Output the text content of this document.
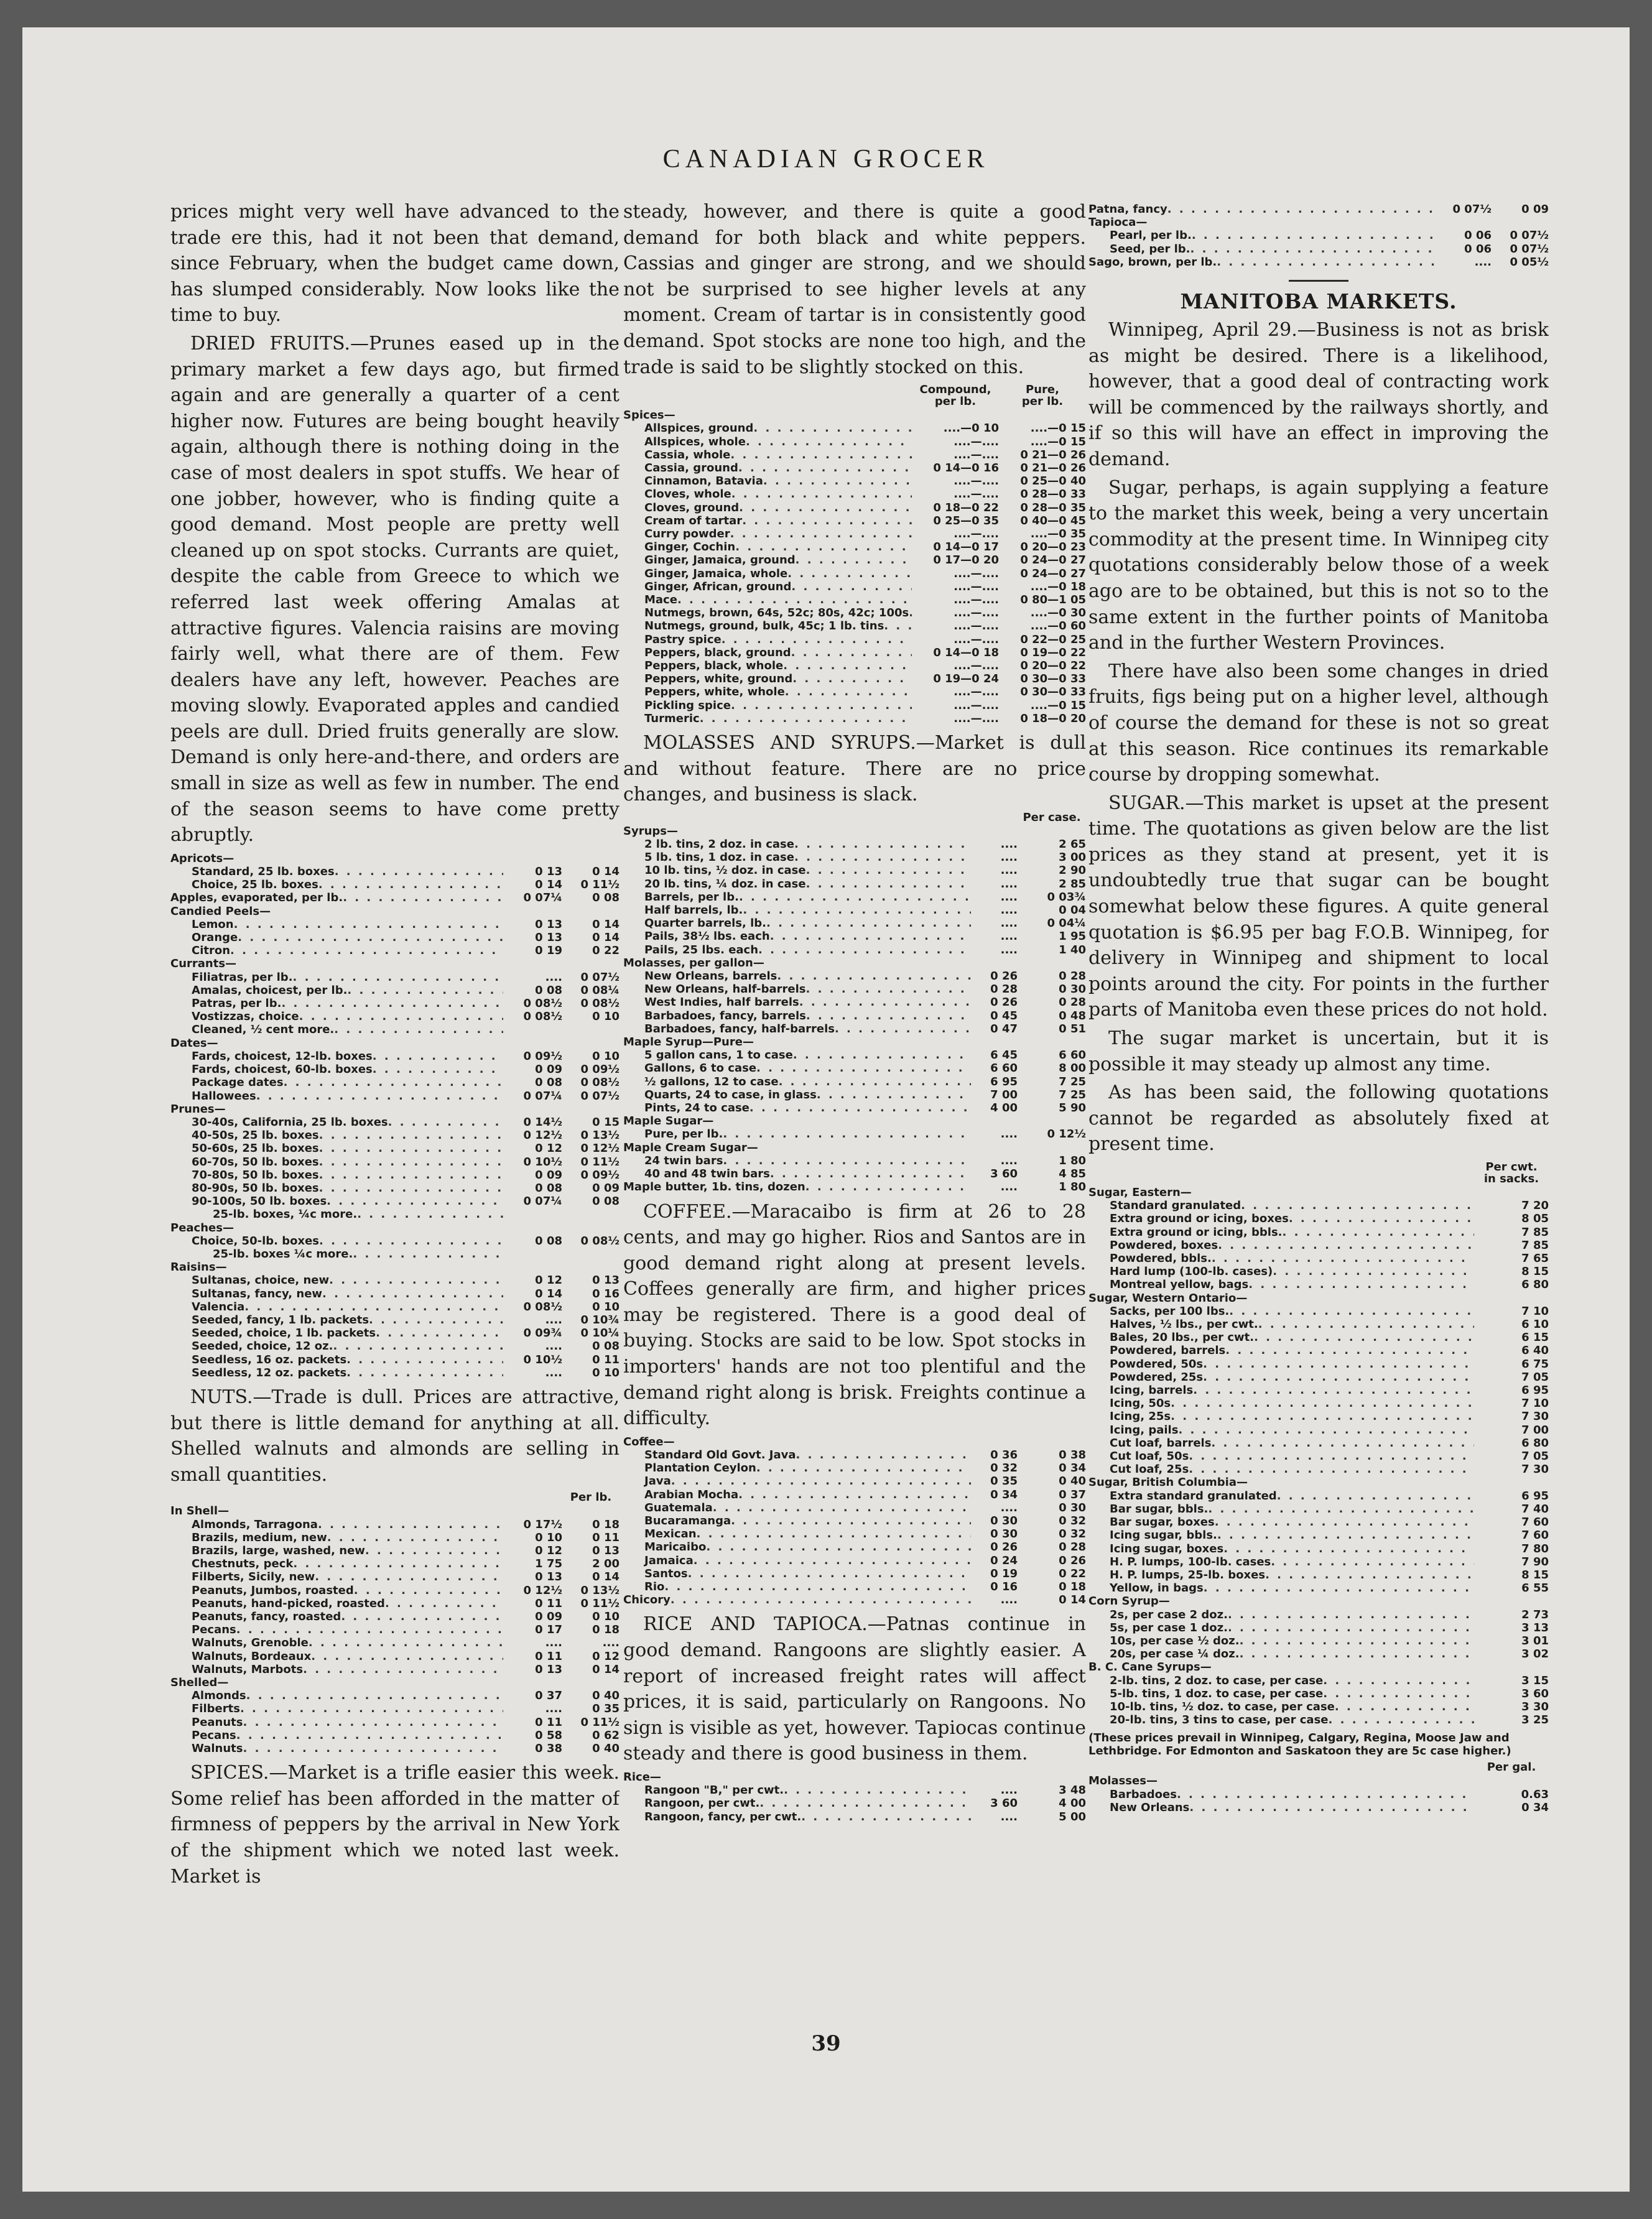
CANADIAN GROCER

prices might very well have advanced to the trade ere this, had it not been that demand, since February, when the budget came down, has slumped considerably. Now looks like the time to buy.

DRIED FRUITS.—Prunes eased up in the primary market a few days ago, but firmed again and are generally a quarter of a cent higher now. Futures are being bought heavily again, although there is nothing doing in the case of most dealers in spot stuffs. We hear of one jobber, however, who is finding quite a good demand. Most people are pretty well cleaned up on spot stocks. Currants are quiet, despite the cable from Greece to which we referred last week offering Amalas at attractive figures. Valencia raisins are moving fairly well, what there are of them. Few dealers have any left, however. Peaches are moving slowly. Evaporated apples and candied peels are dull. Dried fruits generally are slow. Demand is only here-and-there, and orders are small in size as well as few in number. The end of the season seems to have come pretty abruptly.

Apricots—
Standard, 25 lb. boxes . . .	0 13	0 14
Choice, 25 lb. boxes . . .	0 14	0 11½
Apples, evaporated, per lb. . . .	0 07¼	0 08
Candied Peels—
Lemon . . .	0 13	0 14
Orange . . .	0 13	0 14
Citron . . .	0 19	0 22
Currants—
Filiatras, per lb. . . .	....	0 07½
Amalas, choicest, per lb. . . .	0 08	0 08¼
Patras, per lb. . . .	0 08½	0 08½
Vostizzas, choice . . .	0 08½	0 10
Cleaned, ½ cent more.
. . .
Dates—
Fards, choicest, 12-lb. boxes . . .	0 09½	0 10
Fards, choicest, 60-lb. boxes . . .	0 09	0 09½
Package dates . . .	0 08	0 08½
Hallowees . . .	0 07¼	0 07½
Prunes—
30-40s, California, 25 lb. boxes . . .	0 14½	0 15
40-50s, 25 lb. boxes . . .	0 12½	0 13½
50-60s, 25 lb. boxes . . .	0 12	0 12½
60-70s, 50 lb. boxes . . .	0 10½	0 11½
70-80s, 50 lb. boxes . . .	0 09	0 09½
80-90s, 50 lb. boxes . . .	0 08	0 09
90-100s, 50 lb. boxes . . .	0 07¼	0 08
25-lb. boxes, ¼c more.
. . .
Peaches—
Choice, 50-lb. boxes . . .	0 08	0 08½
25-lb. boxes ¼c more.
. . .
Raisins—
Sultanas, choice, new . . .	0 12	0 13
Sultanas, fancy, new . . .	0 14	0 16
Valencia . . .	0 08½	0 10
Seeded, fancy, 1 lb. packets . . .	....	0 10¾
Seeded, choice, 1 lb. packets . . .	0 09¾	0 10¼
Seeded, choice, 12 oz. . . .	....	0 08
Seedless, 16 oz. packets . . .	0 10½	0 11
Seedless, 12 oz. packets . . .	....	0 10

NUTS.—Trade is dull. Prices are attractive, but there is little demand for anything at all. Shelled walnuts and almonds are selling in small quantities.

Per lb.
In Shell—
Almonds, Tarragona . . .	0 17½	0 18
Brazils, medium, new . . .	0 10	0 11
Brazils, large, washed, new . . .	0 12	0 13
Chestnuts, peck . . .	1 75	2 00
Filberts, Sicily, new . . .	0 13	0 14
Peanuts, Jumbos, roasted . . .	0 12½	0 13½
Peanuts, hand-picked, roasted . . .	0 11	0 11½
Peanuts, fancy, roasted . . .	0 09	0 10
Pecans . . .	0 17	0 18
Walnuts, Grenoble . . .	....	....
Walnuts, Bordeaux . . .	0 11	0 12
Walnuts, Marbots . . .	0 13	0 14
Shelled—
Almonds . . .	0 37	0 40
Filberts . . .	....	0 35
Peanuts . . .	0 11	0 11½
Pecans . . .	0 58	0 62
Walnuts . . .	0 38	0 40

SPICES.—Market is a trifle easier this week. Some relief has been afforded in the matter of firmness of peppers by the arrival in New York of the shipment which we noted last week. Market is

steady, however, and there is quite a good demand for both black and white peppers. Cassias and ginger are strong, and we should not be surprised to see higher levels at any moment. Cream of tartar is in consistently good demand. Spot stocks are none too high, and the trade is said to be slightly stocked on this.

Compound,
per lb.
Pure,
per lb.
Spices—
Allspices, ground . . .	....—0 10	....—0 15
Allspices, whole . . .	....—....	....—0 15
Cassia, whole . . .	....—....	0 21—0 26
Cassia, ground . . .	0 14—0 16	0 21—0 26
Cinnamon, Batavia . . .	....—....	0 25—0 40
Cloves, whole . . .	....—....	0 28—0 33
Cloves, ground . . .	0 18—0 22	0 28—0 35
Cream of tartar . . .	0 25—0 35	0 40—0 45
Curry powder . . .	....—....	....—0 35
Ginger, Cochin . . .	0 14—0 17	0 20—0 23
Ginger, Jamaica, ground . . .	0 17—0 20	0 24—0 27
Ginger, Jamaica, whole . . .	....—....	0 24—0 27
Ginger, African, ground . . .	....—....	....—0 18
Mace . . .	....—....	0 80—1 05
Nutmegs, brown, 64s, 52c; 80s, 42c; 100s . . .	....—....	....—0 30
Nutmegs, ground, bulk, 45c; 1 lb. tins . . .	....—....	....—0 60
Pastry spice . . .	....—....	0 22—0 25
Peppers, black, ground . . .	0 14—0 18	0 19—0 22
Peppers, black, whole . . .	....—....	0 20—0 22
Peppers, white, ground . . .	0 19—0 24	0 30—0 33
Peppers, white, whole . . .	....—....	0 30—0 33
Pickling spice . . .	....—....	....—0 15
Turmeric . . .	....—....	0 18—0 20

MOLASSES AND SYRUPS.—Market is dull and without feature. There are no price changes, and business is slack.

Per case.
Syrups—
2 lb. tins, 2 doz. in case . . .	....	2 65
5 lb. tins, 1 doz. in case . . .	....	3 00
10 lb. tins, ½ doz. in case . . .	....	2 90
20 lb. tins, ¼ doz. in case . . .	....	2 85
Barrels, per lb. . . .	....	0 03¾
Half barrels, lb. . . .	....	0 04
Quarter barrels, lb. . . .	....	0 04¼
Pails, 38½ lbs. each . . .	....	1 95
Pails, 25 lbs. each . . .	....	1 40
Molasses, per gallon—
New Orleans, barrels . . .	0 26	0 28
New Orleans, half-barrels . . .	0 28	0 30
West Indies, half barrels . . .	0 26	0 28
Barbadoes, fancy, barrels . . .	0 45	0 48
Barbadoes, fancy, half-barrels . . .	0 47	0 51
Maple Syrup—Pure—
5 gallon cans, 1 to case . . .	6 45	6 60
Gallons, 6 to case . . .	6 60	8 00
½ gallons, 12 to case . . .	6 95	7 25
Quarts, 24 to case, in glass . . .	7 00	7 25
Pints, 24 to case . . .	4 00	5 90
Maple Sugar—
Pure, per lb. . . .	....	0 12½
Maple Cream Sugar—
24 twin bars . . .	....	1 80
40 and 48 twin bars . . .	3 60	4 85
Maple butter, 1b. tins, dozen . . .	....	1 80

COFFEE.—Maracaibo is firm at 26 to 28 cents, and may go higher. Rios and Santos are in good demand right along at present levels. Coffees generally are firm, and higher prices may be registered. There is a good deal of buying. Stocks are said to be low. Spot stocks in importers' hands are not too plentiful and the demand right along is brisk. Freights continue a difficulty.

Coffee—
Standard Old Govt. Java . . .	0 36	0 38
Plantation Ceylon . . .	0 32	0 34
Java . . .	0 35	0 40
Arabian Mocha . . .	0 34	0 37
Guatemala . . .	....	0 30
Bucaramanga . . .	0 30	0 32
Mexican . . .	0 30	0 32
Maricaibo . . .	0 26	0 28
Jamaica . . .	0 24	0 26
Santos . . .	0 19	0 22
Rio . . .	0 16	0 18
Chicory . . .	....	0 14

RICE AND TAPIOCA.—Patnas continue in good demand. Rangoons are slightly easier. A report of increased freight rates will affect prices, it is said, particularly on Rangoons. No sign is visible as yet, however. Tapiocas continue steady and there is good business in them.

Rice—
Rangoon "B," per cwt. . . .	....	3 48
Rangoon, per cwt. . . .	3 60	4 00
Rangoon, fancy, per cwt. . . .	....	5 00
Patna, fancy . . .	0 07½	0 09
Tapioca—
Pearl, per lb. . . .	0 06	0 07½
Seed, per lb. . . .	0 06	0 07½
Sago, brown, per lb. . . .	....	0 05½
MANITOBA MARKETS.

Winnipeg, April 29.—Business is not as brisk as might be desired. There is a likelihood, however, that a good deal of contracting work will be commenced by the railways shortly, and if so this will have an effect in improving the demand.

Sugar, perhaps, is again supplying a feature to the market this week, being a very uncertain commodity at the present time. In Winnipeg city quotations considerably below those of a week ago are to be obtained, but this is not so to the same extent in the further points of Manitoba and in the further Western Provinces.

There have also been some changes in dried fruits, figs being put on a higher level, although of course the demand for these is not so great at this season. Rice continues its remarkable course by dropping somewhat.

SUGAR.—This market is upset at the present time. The quotations as given below are the list prices as they stand at present, yet it is undoubtedly true that sugar can be bought somewhat below these figures. A quite general quotation is $6.95 per bag F.O.B. Winnipeg, for delivery in Winnipeg and shipment to local points around the city. For points in the further parts of Manitoba even these prices do not hold.

The sugar market is uncertain, but it is possible it may steady up almost any time.

As has been said, the following quotations cannot be regarded as absolutely fixed at present time.

Per cwt.
in sacks.
Sugar, Eastern—
Standard granulated . . .	7 20
Extra ground or icing, boxes . . .	8 05
Extra ground or icing, bbls. . . .	7 85
Powdered, boxes . . .	7 85
Powdered, bbls. . . .	7 65
Hard lump (100-lb. cases) . . .	8 15
Montreal yellow, bags . . .	6 80
Sugar, Western Ontario—
Sacks, per 100 lbs. . . .	7 10
Halves, ½ lbs., per cwt. . . .	6 10
Bales, 20 lbs., per cwt. . . .	6 15
Powdered, barrels . . .	6 40
Powdered, 50s . . .	6 75
Powdered, 25s . . .	7 05
Icing, barrels . . .	6 95
Icing, 50s . . .	7 10
Icing, 25s . . .	7 30
Icing, pails . . .	7 00
Cut loaf, barrels . . .	6 80
Cut loaf, 50s . . .	7 05
Cut loaf, 25s . . .	7 30
Sugar, British Columbia—
Extra standard granulated . . .	6 95
Bar sugar, bbls. . . .	7 40
Bar sugar, boxes . . .	7 60
Icing sugar, bbls. . . .	7 60
Icing sugar, boxes . . .	7 80
H. P. lumps, 100-lb. cases . . .	7 90
H. P. lumps, 25-lb. boxes . . .	8 15
Yellow, in bags . . .	6 55
Corn Syrup—
2s, per case 2 doz. . . .	2 73
5s, per case 1 doz. . . .	3 13
10s, per case ½ doz. . . .	3 01
20s, per case ¼ doz. . . .	3 02
B. C. Cane Syrups—
2-lb. tins, 2 doz. to case, per case . . .	3 15
5-lb. tins, 1 doz. to case, per case . . .	3 60
10-lb. tins, ½ doz. to case, per case . . .	3 30
20-lb. tins, 3 tins to case, per case . . .	3 25

(These prices prevail in Winnipeg, Calgary, Regina, Moose Jaw and Lethbridge. For Edmonton and Saskatoon they are 5c case higher.)

Per gal.
Molasses—
Barbadoes . . .	0.63
New Orleans . . .	0 34
39
